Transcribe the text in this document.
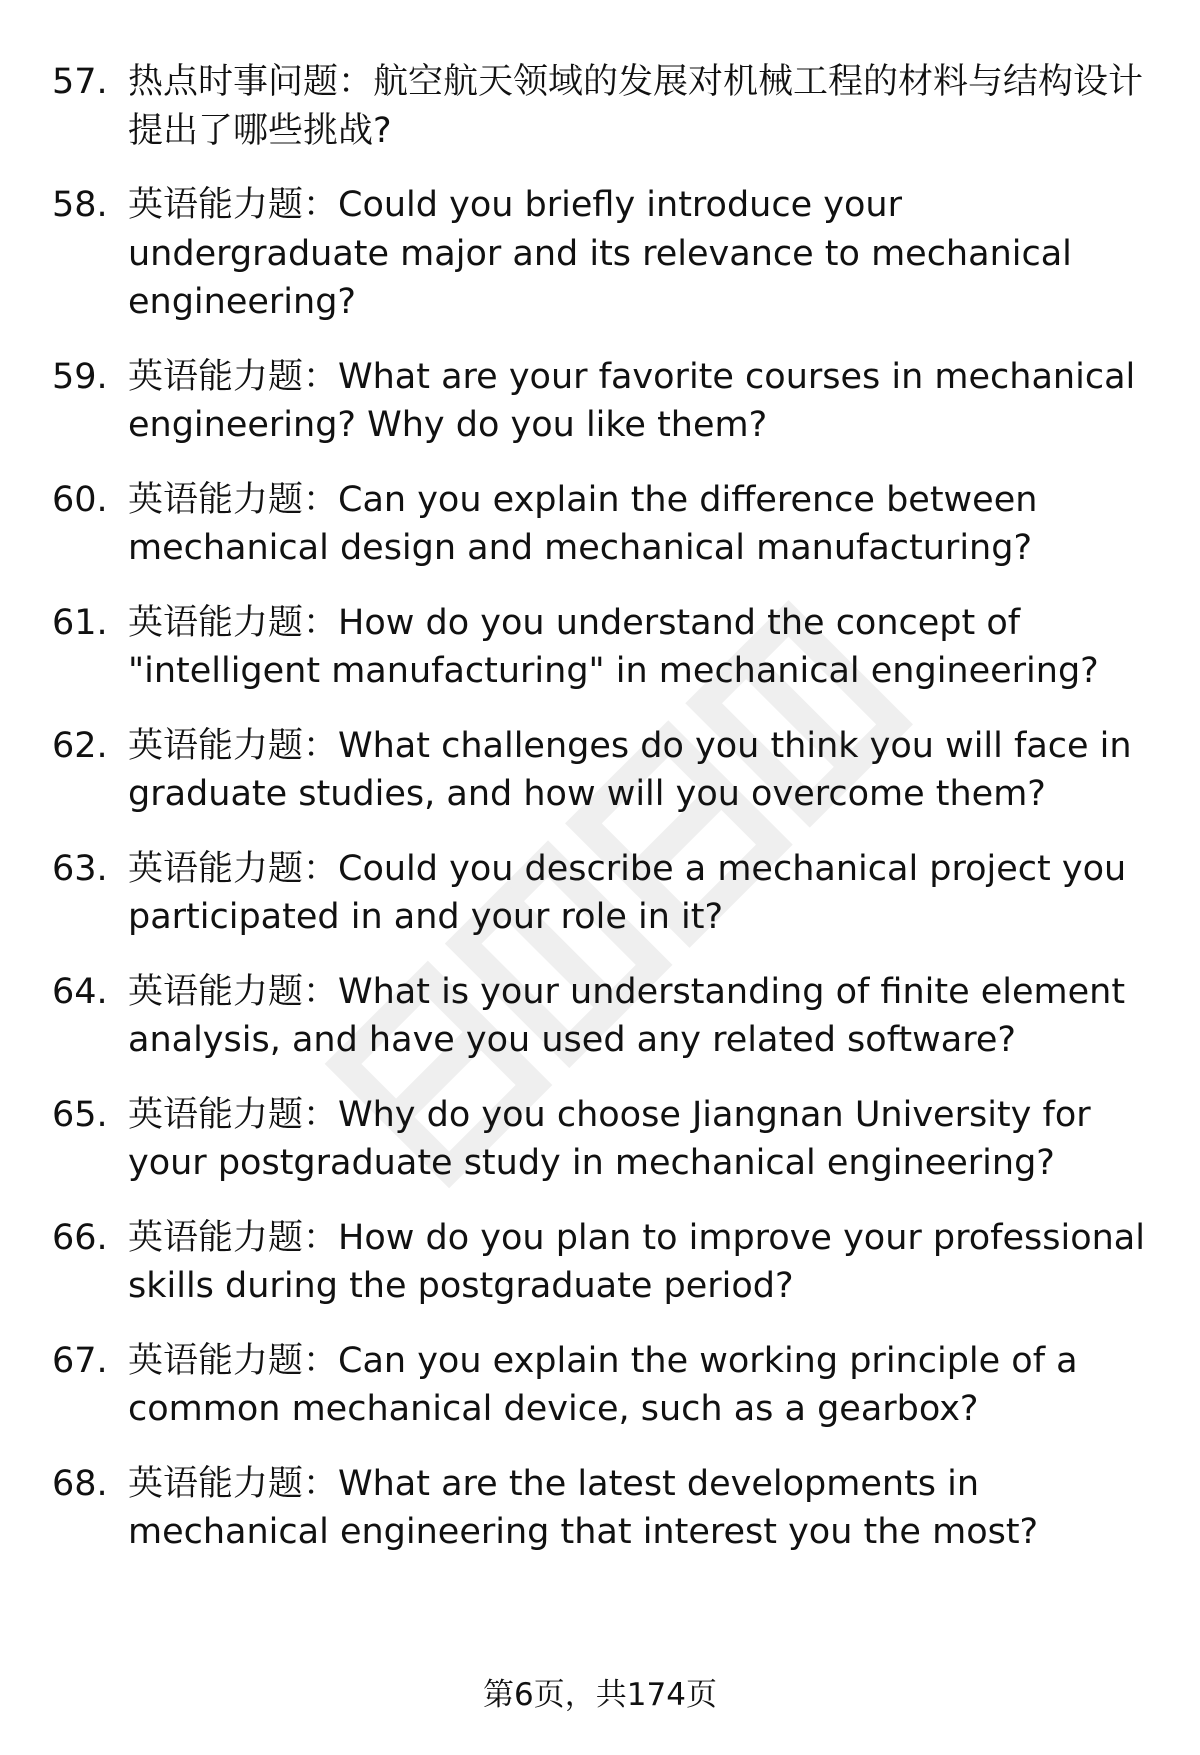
57. 热点时事问题：航空航天领域的发展对机械工程的材料与结构设计提出了哪些挑战?
58. 英语能力题：Could you briefly introduce your undergraduate major and its relevance to mechanical engineering?
59. 英语能力题：What are your favorite courses in mechanical engineering? Why do you like them?
60. 英语能力题：Can you explain the difference between mechanical design and mechanical manufacturing?
61. 英语能力题：How do you understand the concept of "intelligent manufacturing" in mechanical engineering?
62. 英语能力题：What challenges do you think you will face in graduate studies, and how will you overcome them?
63. 英语能力题：Could you describe a mechanical project you participated in and your role in it?
64. 英语能力题：What is your understanding of finite element analysis, and have you used any related software?
65. 英语能力题：Why do you choose Jiangnan University for your postgraduate study in mechanical engineering?
66. 英语能力题：How do you plan to improve your professional skills during the postgraduate period?
67. 英语能力题：Can you explain the working principle of a common mechanical device, such as a gearbox?
68. 英语能力题：What are the latest developments in mechanical engineering that interest you the most?
第6页，共174页
